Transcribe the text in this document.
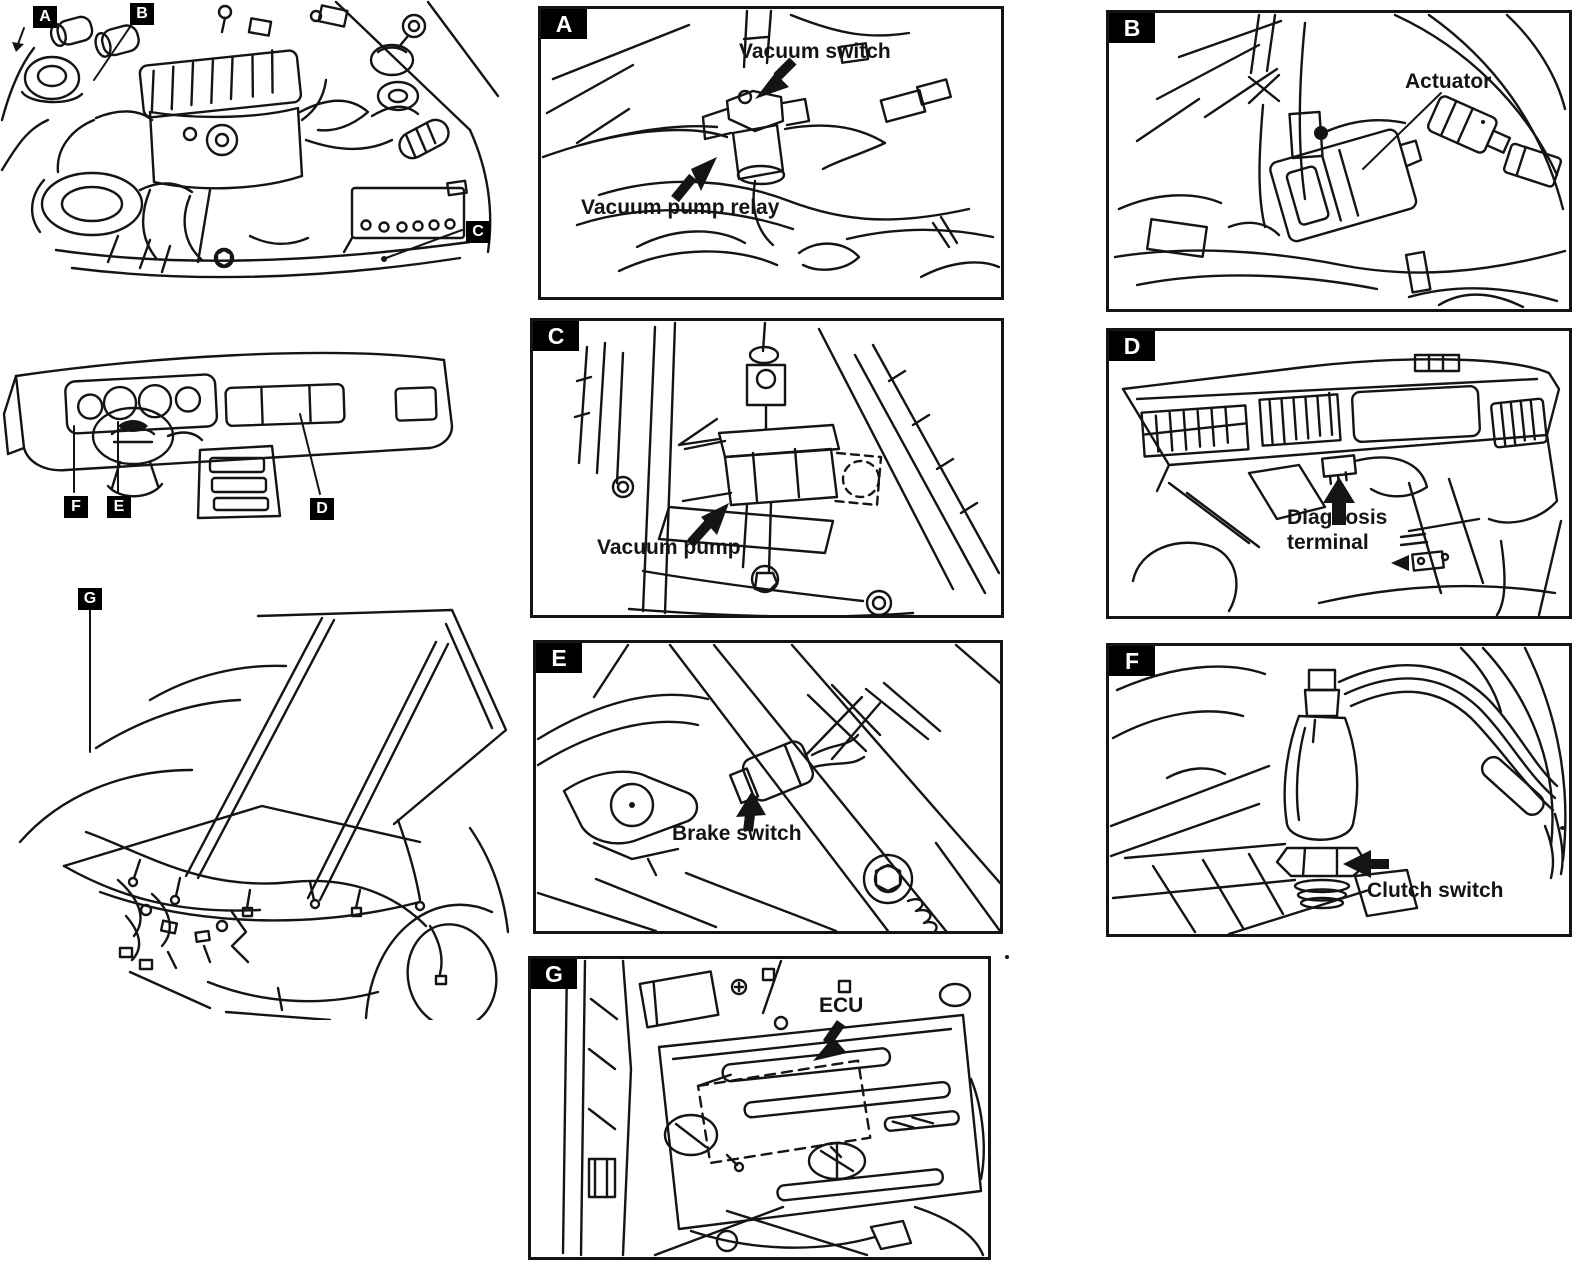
A	B
C
F	E	D
G
A
Vacuum switch
Vacuum pump relay
B
Actuator
C
Vacuum pump
D
Diagnosis terminal
E
Brake switch
F
Clutch switch
G
ECU
